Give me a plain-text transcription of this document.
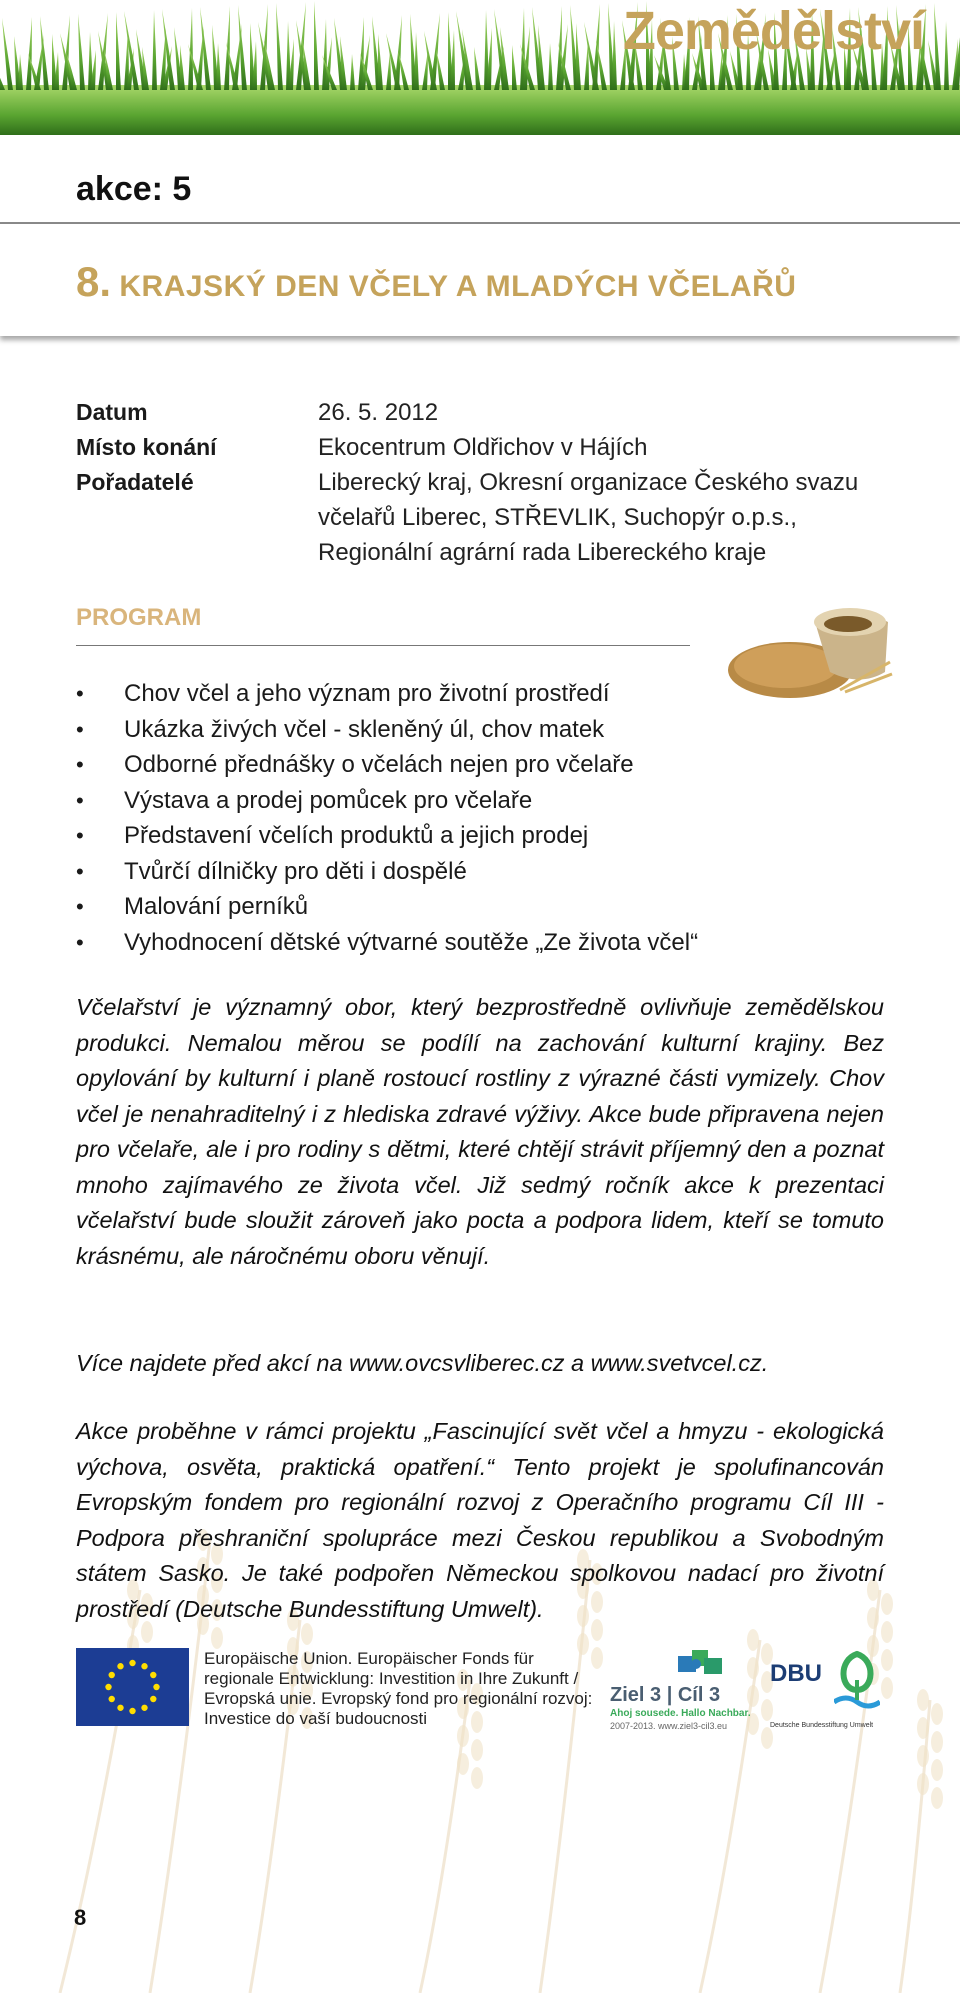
Zemědělství
akce: 5
8. KRAJSKÝ DEN VČELY A MLADÝCH VČELAŘŮ
Datum	26. 5. 2012
Místo konání	Ekocentrum Oldřichov v Hájích
Pořadatelé	Liberecký kraj, Okresní organizace Českého svazu
včelařů Liberec, STŘEVLIK, Suchopýr o.p.s.,
Regionální agrární rada Libereckého kraje
PROGRAM
•	Chov včel a jeho význam pro životní prostředí
•	Ukázka živých včel - skleněný úl, chov matek
•	Odborné přednášky o včelách nejen pro včelaře
•	Výstava a prodej pomůcek pro včelaře
•	Představení včelích produktů a jejich prodej
•	Tvůrčí dílničky pro děti i dospělé
•	Malování perníků
•	Vyhodnocení dětské výtvarné soutěže „Ze života včel“

Včelařství je významný obor, který bezprostředně ovlivňuje zemědělskou produkci. Nemalou měrou se podílí na zachování kulturní krajiny. Bez opylování by kulturní i planě rostoucí rostliny z výrazné části vymizely. Chov včel je nenahraditelný i z hlediska zdravé výživy. Akce bude připravena nejen pro včelaře, ale i pro rodiny s dětmi, které chtějí strávit příjemný den a poznat mnoho zajímavého ze života včel. Již sedmý ročník akce k prezentaci včelařství bude sloužit zároveň jako pocta a podpora lidem, kteří se tomuto krásnému, ale náročnému oboru věnují.

Více najdete před akcí na www.ovcsvliberec.cz a www.svetvcel.cz.

Akce proběhne v rámci projektu „Fascinující svět včel a hmyzu - ekologická výchova, osvěta, praktická opatření.“ Tento projekt je spolufinancován Evropským fondem pro regionální rozvoj z Operačního programu Cíl III - Podpora přeshraniční spolupráce mezi Českou republikou a Svobodným státem Sasko. Je také podpořen Německou spolkovou nadací pro životní prostředí (Deutsche Bundesstiftung Umwelt).

Europäische Union. Europäischer Fonds für regionale Entwicklung: Investition in Ihre Zukunft / Evropská unie. Evropský fond pro regionální rozvoj: Investice do vaší budoucnosti
Ziel 3 | Cíl 3
Ahoj sousede. Hallo Nachbar.
2007-2013. www.ziel3-cil3.eu
DBU
Deutsche Bundesstiftung Umwelt
8
